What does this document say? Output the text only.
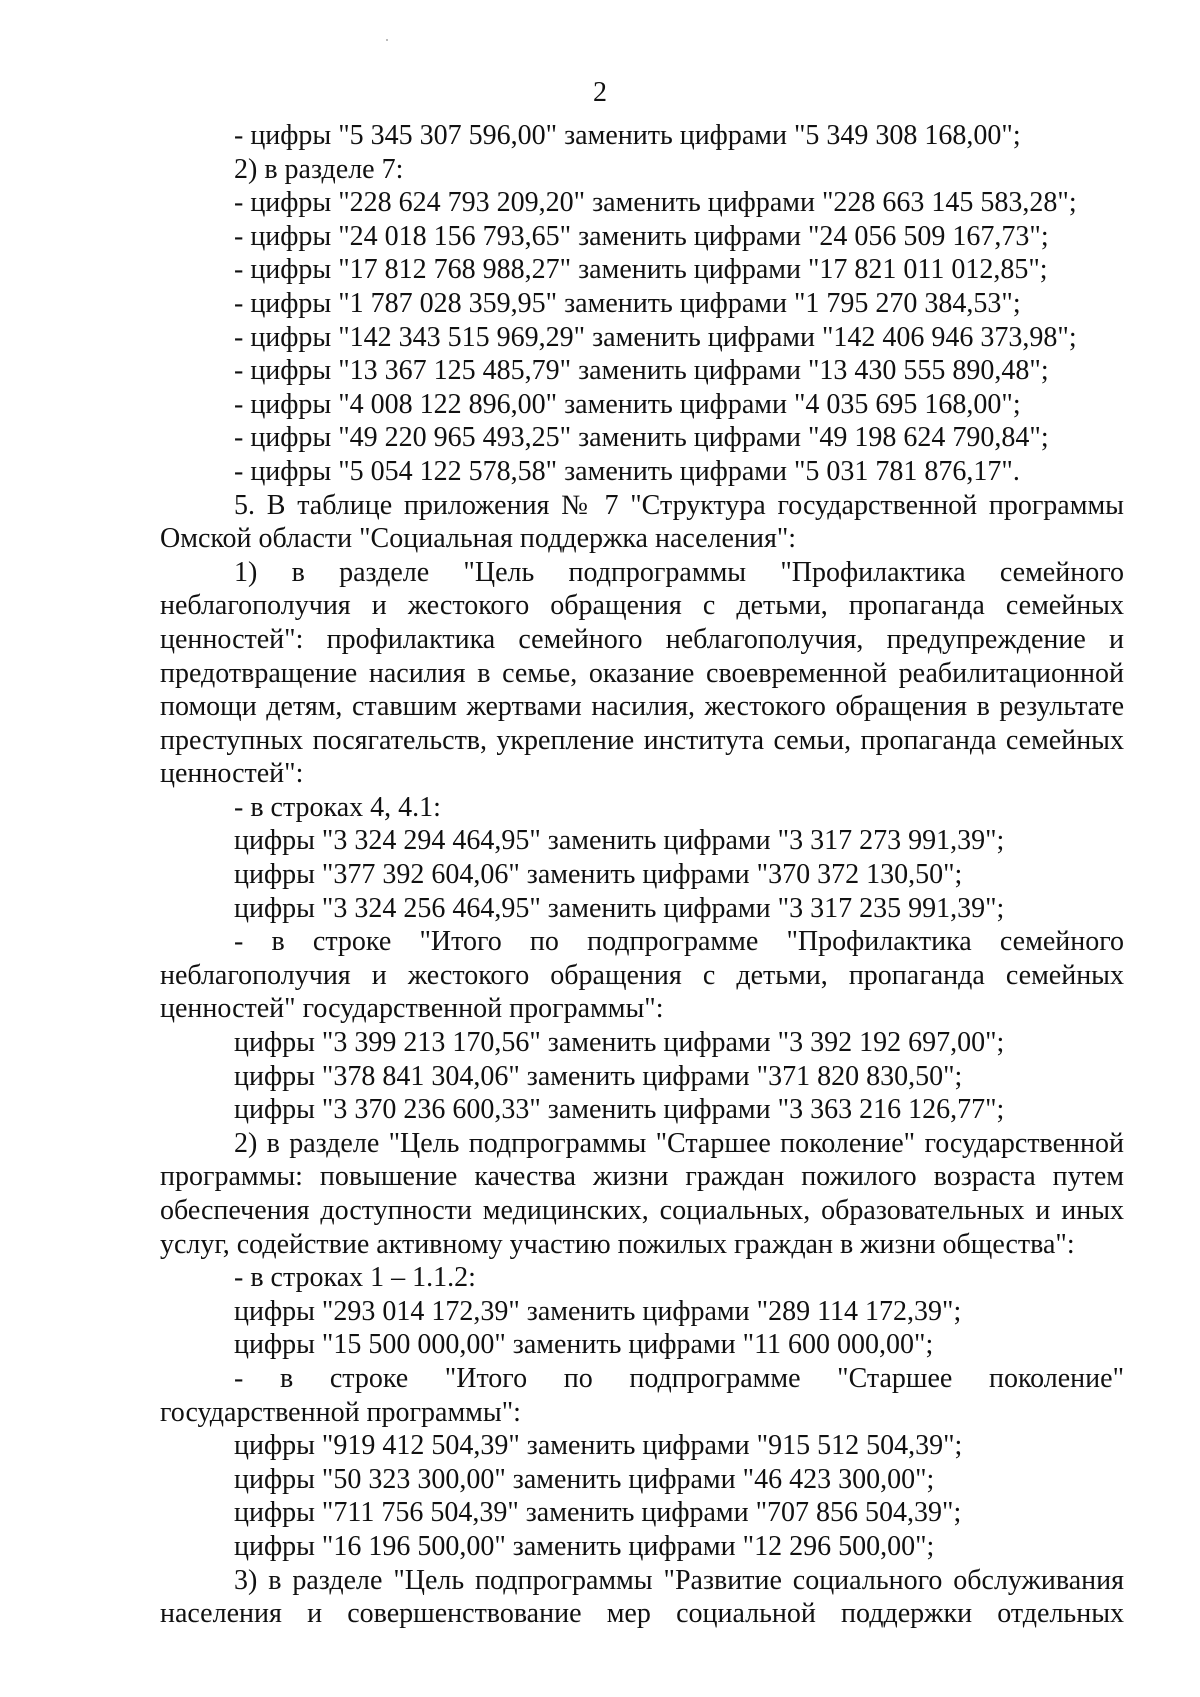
2
- цифры "5 345 307 596,00" заменить цифрами "5 349 308 168,00";
2) в разделе 7:
- цифры "228 624 793 209,20" заменить цифрами "228 663 145 583,28";
- цифры "24 018 156 793,65" заменить цифрами "24 056 509 167,73";
- цифры "17 812 768 988,27" заменить цифрами "17 821 011 012,85";
- цифры "1 787 028 359,95" заменить цифрами "1 795 270 384,53";
- цифры "142 343 515 969,29" заменить цифрами "142 406 946 373,98";
- цифры "13 367 125 485,79" заменить цифрами "13 430 555 890,48";
- цифры "4 008 122 896,00" заменить цифрами "4 035 695 168,00";
- цифры "49 220 965 493,25" заменить цифрами "49 198 624 790,84";
- цифры "5 054 122 578,58" заменить цифрами "5 031 781 876,17".
5. В таблице приложения № 7 "Структура государственной программы
Омской области "Социальная поддержка населения":
1) в разделе "Цель подпрограммы "Профилактика семейного
неблагополучия и жестокого обращения с детьми, пропаганда семейных
ценностей": профилактика семейного неблагополучия, предупреждение и
предотвращение насилия в семье, оказание своевременной реабилитационной
помощи детям, ставшим жертвами насилия, жестокого обращения в результате
преступных посягательств, укрепление института семьи, пропаганда семейных
ценностей":
- в строках 4, 4.1:
цифры "3 324 294 464,95" заменить цифрами "3 317 273 991,39";
цифры "377 392 604,06" заменить цифрами "370 372 130,50";
цифры "3 324 256 464,95" заменить цифрами "3 317 235 991,39";
- в строке "Итого по подпрограмме "Профилактика семейного
неблагополучия и жестокого обращения с детьми, пропаганда семейных
ценностей" государственной программы":
цифры "3 399 213 170,56" заменить цифрами "3 392 192 697,00";
цифры "378 841 304,06" заменить цифрами "371 820 830,50";
цифры "3 370 236 600,33" заменить цифрами "3 363 216 126,77";
2) в разделе "Цель подпрограммы "Старшее поколение" государственной
программы: повышение качества жизни граждан пожилого возраста путем
обеспечения доступности медицинских, социальных, образовательных и иных
услуг, содействие активному участию пожилых граждан в жизни общества":
- в строках 1 – 1.1.2:
цифры "293 014 172,39" заменить цифрами "289 114 172,39";
цифры "15 500 000,00" заменить цифрами "11 600 000,00";
- в строке "Итого по подпрограмме "Старшее поколение"
государственной программы":
цифры "919 412 504,39" заменить цифрами "915 512 504,39";
цифры "50 323 300,00" заменить цифрами "46 423 300,00";
цифры "711 756 504,39" заменить цифрами "707 856 504,39";
цифры "16 196 500,00" заменить цифрами "12 296 500,00";
3) в разделе "Цель подпрограммы "Развитие социального обслуживания
населения и совершенствование мер социальной поддержки отдельных
